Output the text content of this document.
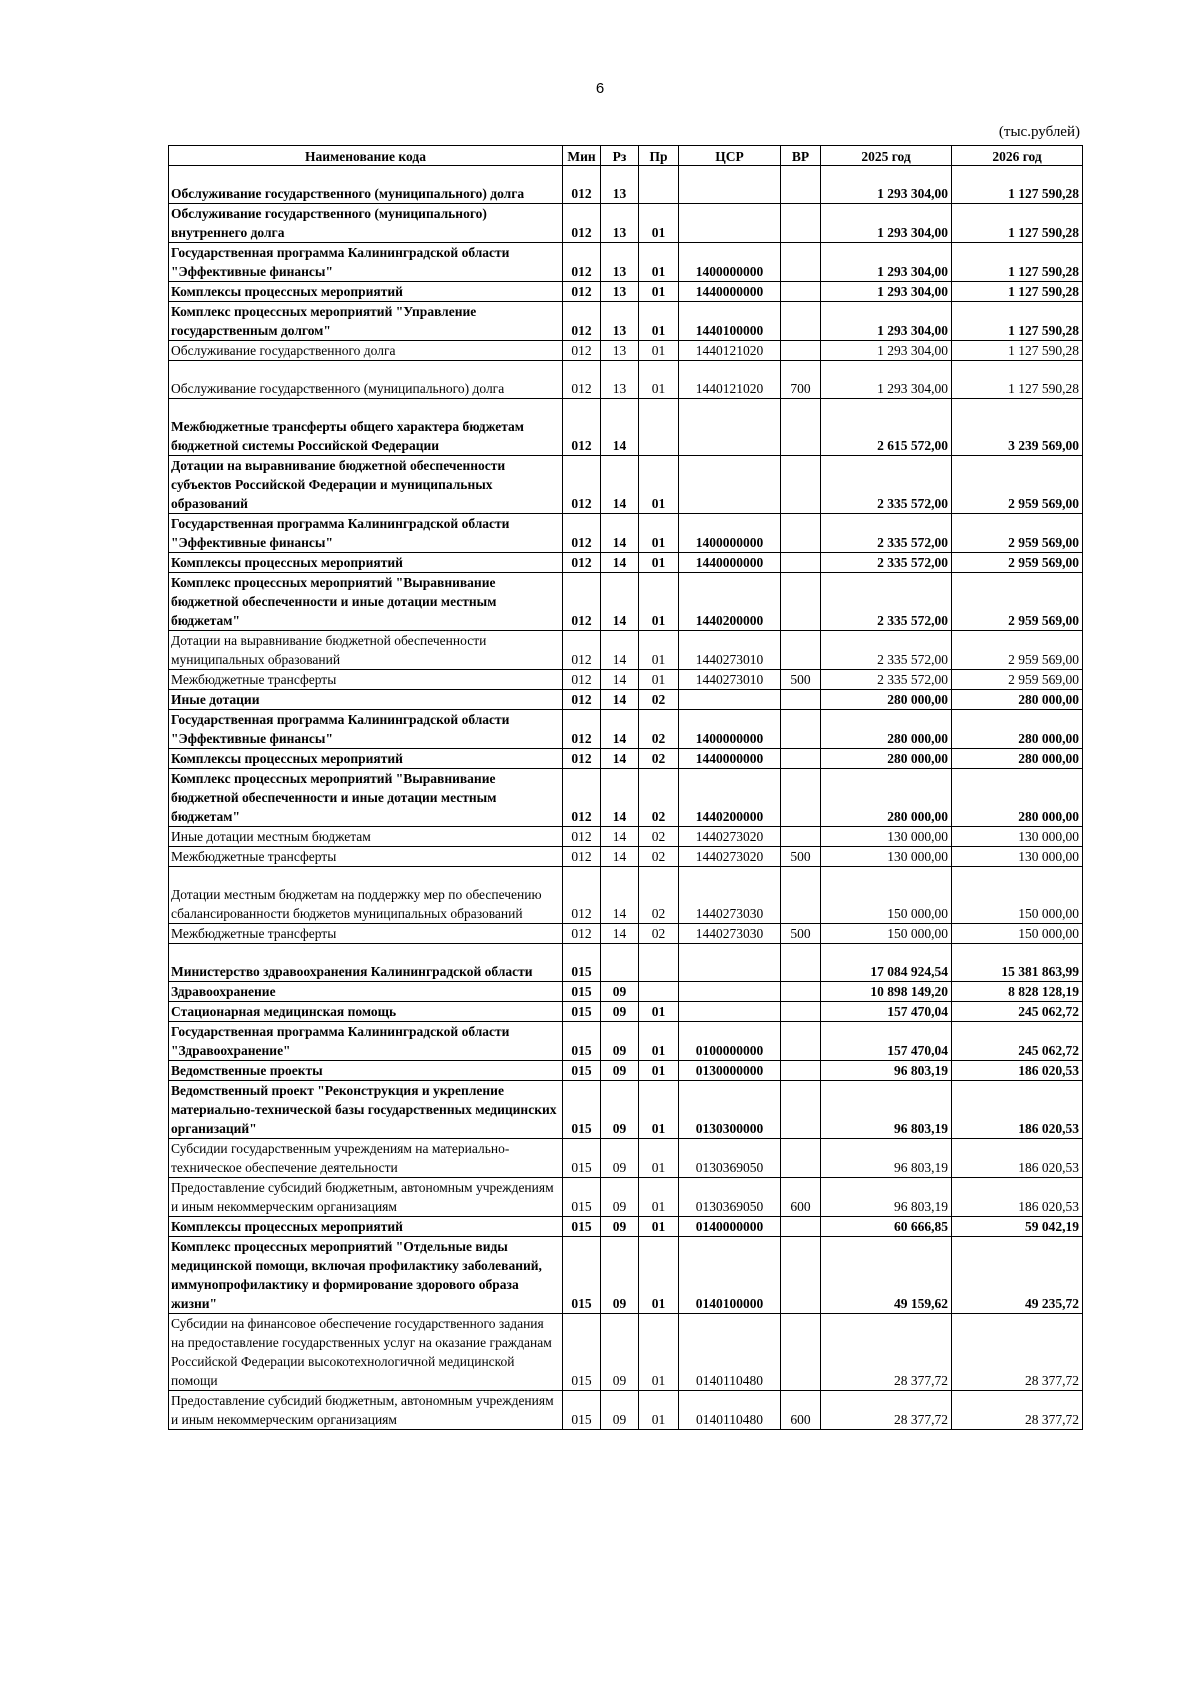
6
(тыс.рублей)
Наименование кода	Мин	Рз	Пр	ЦСР	ВР	2025 год	2026 год
Обслуживание государственного (муниципального) долга	012	13				1 293 304,00	1 127 590,28
Обслуживание государственного (муниципального) внутреннего долга	012	13	01			1 293 304,00	1 127 590,28
Государственная программа Калининградской области "Эффективные финансы"	012	13	01	1400000000		1 293 304,00	1 127 590,28
Комплексы процессных мероприятий	012	13	01	1440000000		1 293 304,00	1 127 590,28
Комплекс процессных мероприятий "Управление государственным долгом"	012	13	01	1440100000		1 293 304,00	1 127 590,28
Обслуживание государственного долга	012	13	01	1440121020		1 293 304,00	1 127 590,28
Обслуживание государственного (муниципального) долга	012	13	01	1440121020	700	1 293 304,00	1 127 590,28
Межбюджетные трансферты общего характера бюджетам бюджетной системы Российской Федерации	012	14				2 615 572,00	3 239 569,00
Дотации на выравнивание бюджетной обеспеченности субъектов Российской Федерации и муниципальных образований	012	14	01			2 335 572,00	2 959 569,00
Государственная программа Калининградской области "Эффективные финансы"	012	14	01	1400000000		2 335 572,00	2 959 569,00
Комплексы процессных мероприятий	012	14	01	1440000000		2 335 572,00	2 959 569,00
Комплекс процессных мероприятий "Выравнивание бюджетной обеспеченности и иные дотации местным бюджетам"	012	14	01	1440200000		2 335 572,00	2 959 569,00
Дотации на выравнивание бюджетной обеспеченности муниципальных образований	012	14	01	1440273010		2 335 572,00	2 959 569,00
Межбюджетные трансферты	012	14	01	1440273010	500	2 335 572,00	2 959 569,00
Иные дотации	012	14	02			280 000,00	280 000,00
Государственная программа Калининградской области "Эффективные финансы"	012	14	02	1400000000		280 000,00	280 000,00
Комплексы процессных мероприятий	012	14	02	1440000000		280 000,00	280 000,00
Комплекс процессных мероприятий "Выравнивание бюджетной обеспеченности и иные дотации местным бюджетам"	012	14	02	1440200000		280 000,00	280 000,00
Иные дотации местным бюджетам	012	14	02	1440273020		130 000,00	130 000,00
Межбюджетные трансферты	012	14	02	1440273020	500	130 000,00	130 000,00
Дотации местным бюджетам на поддержку мер по обеспечению сбалансированности бюджетов муниципальных образований	012	14	02	1440273030		150 000,00	150 000,00
Межбюджетные трансферты	012	14	02	1440273030	500	150 000,00	150 000,00
Министерство здравоохранения Калининградской области	015					17 084 924,54	15 381 863,99
Здравоохранение	015	09				10 898 149,20	8 828 128,19
Стационарная медицинская помощь	015	09	01			157 470,04	245 062,72
Государственная программа Калининградской области "Здравоохранение"	015	09	01	0100000000		157 470,04	245 062,72
Ведомственные проекты	015	09	01	0130000000		96 803,19	186 020,53
Ведомственный проект "Реконструкция и укрепление материально-технической базы государственных медицинских организаций"	015	09	01	0130300000		96 803,19	186 020,53
Субсидии государственным учреждениям на материально-техническое обеспечение деятельности	015	09	01	0130369050		96 803,19	186 020,53
Предоставление субсидий бюджетным, автономным учреждениям и иным некоммерческим организациям	015	09	01	0130369050	600	96 803,19	186 020,53
Комплексы процессных мероприятий	015	09	01	0140000000		60 666,85	59 042,19
Комплекс процессных мероприятий "Отдельные виды медицинской помощи, включая профилактику заболеваний, иммунопрофилактику и формирование здорового образа жизни"	015	09	01	0140100000		49 159,62	49 235,72
Субсидии на финансовое обеспечение государственного задания на предоставление государственных услуг на оказание гражданам Российской Федерации высокотехнологичной медицинской помощи	015	09	01	0140110480		28 377,72	28 377,72
Предоставление субсидий бюджетным, автономным учреждениям и иным некоммерческим организациям	015	09	01	0140110480	600	28 377,72	28 377,72
